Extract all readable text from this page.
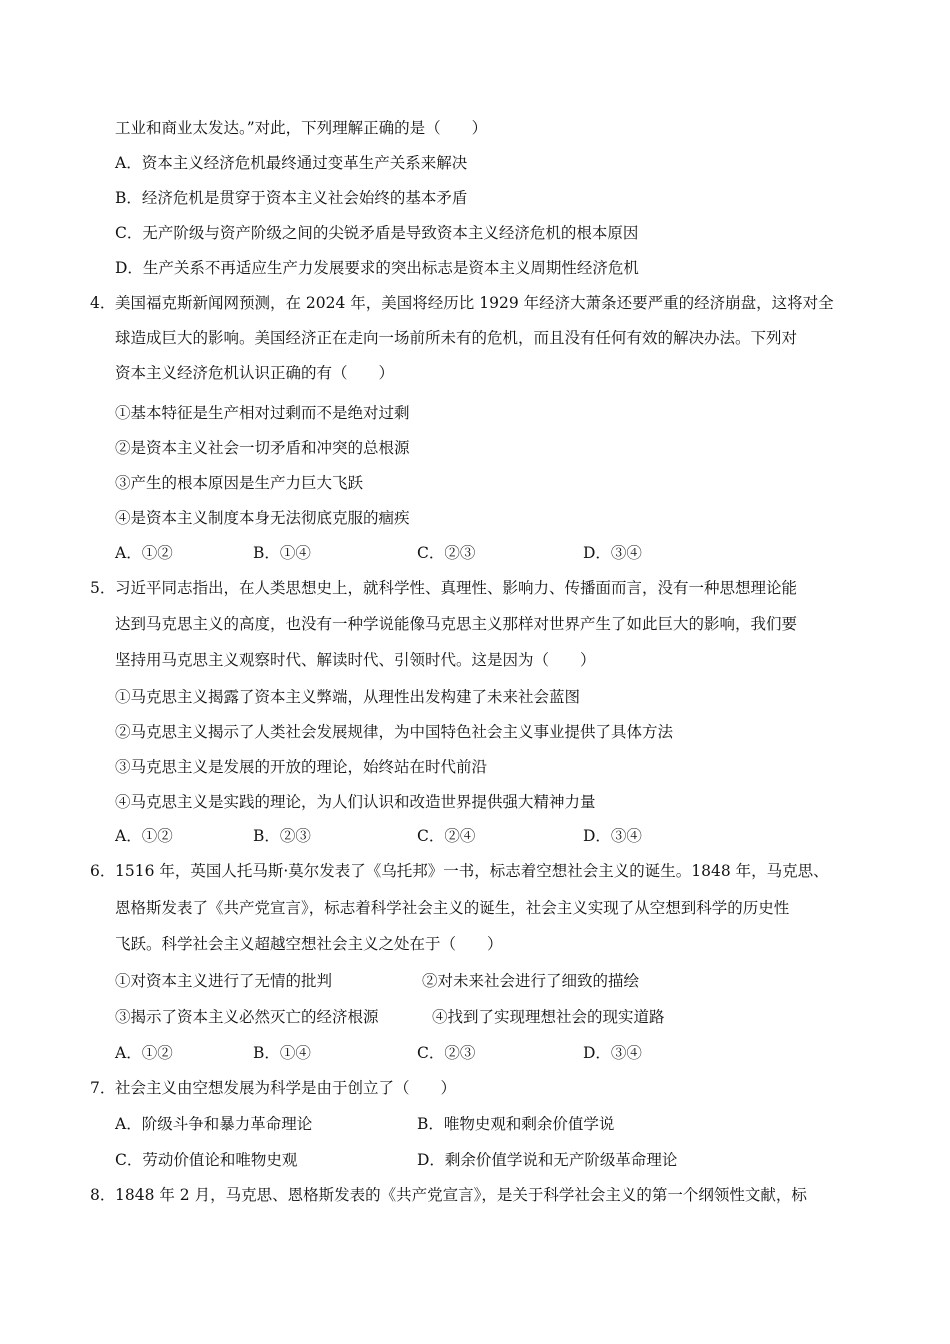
工业和商业太发达。”对此，下列理解正确的是（　　）
A．资本主义经济危机最终通过变革生产关系来解决
B．经济危机是贯穿于资本主义社会始终的基本矛盾
C．无产阶级与资产阶级之间的尖锐矛盾是导致资本主义经济危机的根本原因
D．生产关系不再适应生产力发展要求的突出标志是资本主义周期性经济危机
4． 美国福克斯新闻网预测，在 2024 年，美国将经历比 1929 年经济大萧条还要严重的经济崩盘，这将对全
球造成巨大的影响。美国经济正在走向一场前所未有的危机，而且没有任何有效的解决办法。下列对
资本主义经济危机认识正确的有（　　）
①基本特征是生产相对过剩而不是绝对过剩
②是资本主义社会一切矛盾和冲突的总根源
③产生的根本原因是生产力巨大飞跃
④是资本主义制度本身无法彻底克服的痼疾
A．①②	B．①④	C．②③	D．③④
5． 习近平同志指出，在人类思想史上，就科学性、真理性、影响力、传播面而言，没有一种思想理论能
达到马克思主义的高度，也没有一种学说能像马克思主义那样对世界产生了如此巨大的影响，我们要
坚持用马克思主义观察时代、解读时代、引领时代。这是因为（　　）
①马克思主义揭露了资本主义弊端，从理性出发构建了未来社会蓝图
②马克思主义揭示了人类社会发展规律，为中国特色社会主义事业提供了具体方法
③马克思主义是发展的开放的理论，始终站在时代前沿
④马克思主义是实践的理论，为人们认识和改造世界提供强大精神力量
A．①②	B．②③	C．②④	D．③④
6． 1516 年，英国人托马斯·莫尔发表了《乌托邦》一书，标志着空想社会主义的诞生。1848 年，马克思、
恩格斯发表了《共产党宣言》，标志着科学社会主义的诞生，社会主义实现了从空想到科学的历史性
飞跃。科学社会主义超越空想社会主义之处在于（　　）
①对资本主义进行了无情的批判	②对未来社会进行了细致的描绘
③揭示了资本主义必然灭亡的经济根源	④找到了实现理想社会的现实道路
A．①②	B．①④	C．②③	D．③④
7． 社会主义由空想发展为科学是由于创立了（　　）
A．阶级斗争和暴力革命理论	B．唯物史观和剩余价值学说
C．劳动价值论和唯物史观	D．剩余价值学说和无产阶级革命理论
8． 1848 年 2 月，马克思、恩格斯发表的《共产党宣言》，是关于科学社会主义的第一个纲领性文献，标
